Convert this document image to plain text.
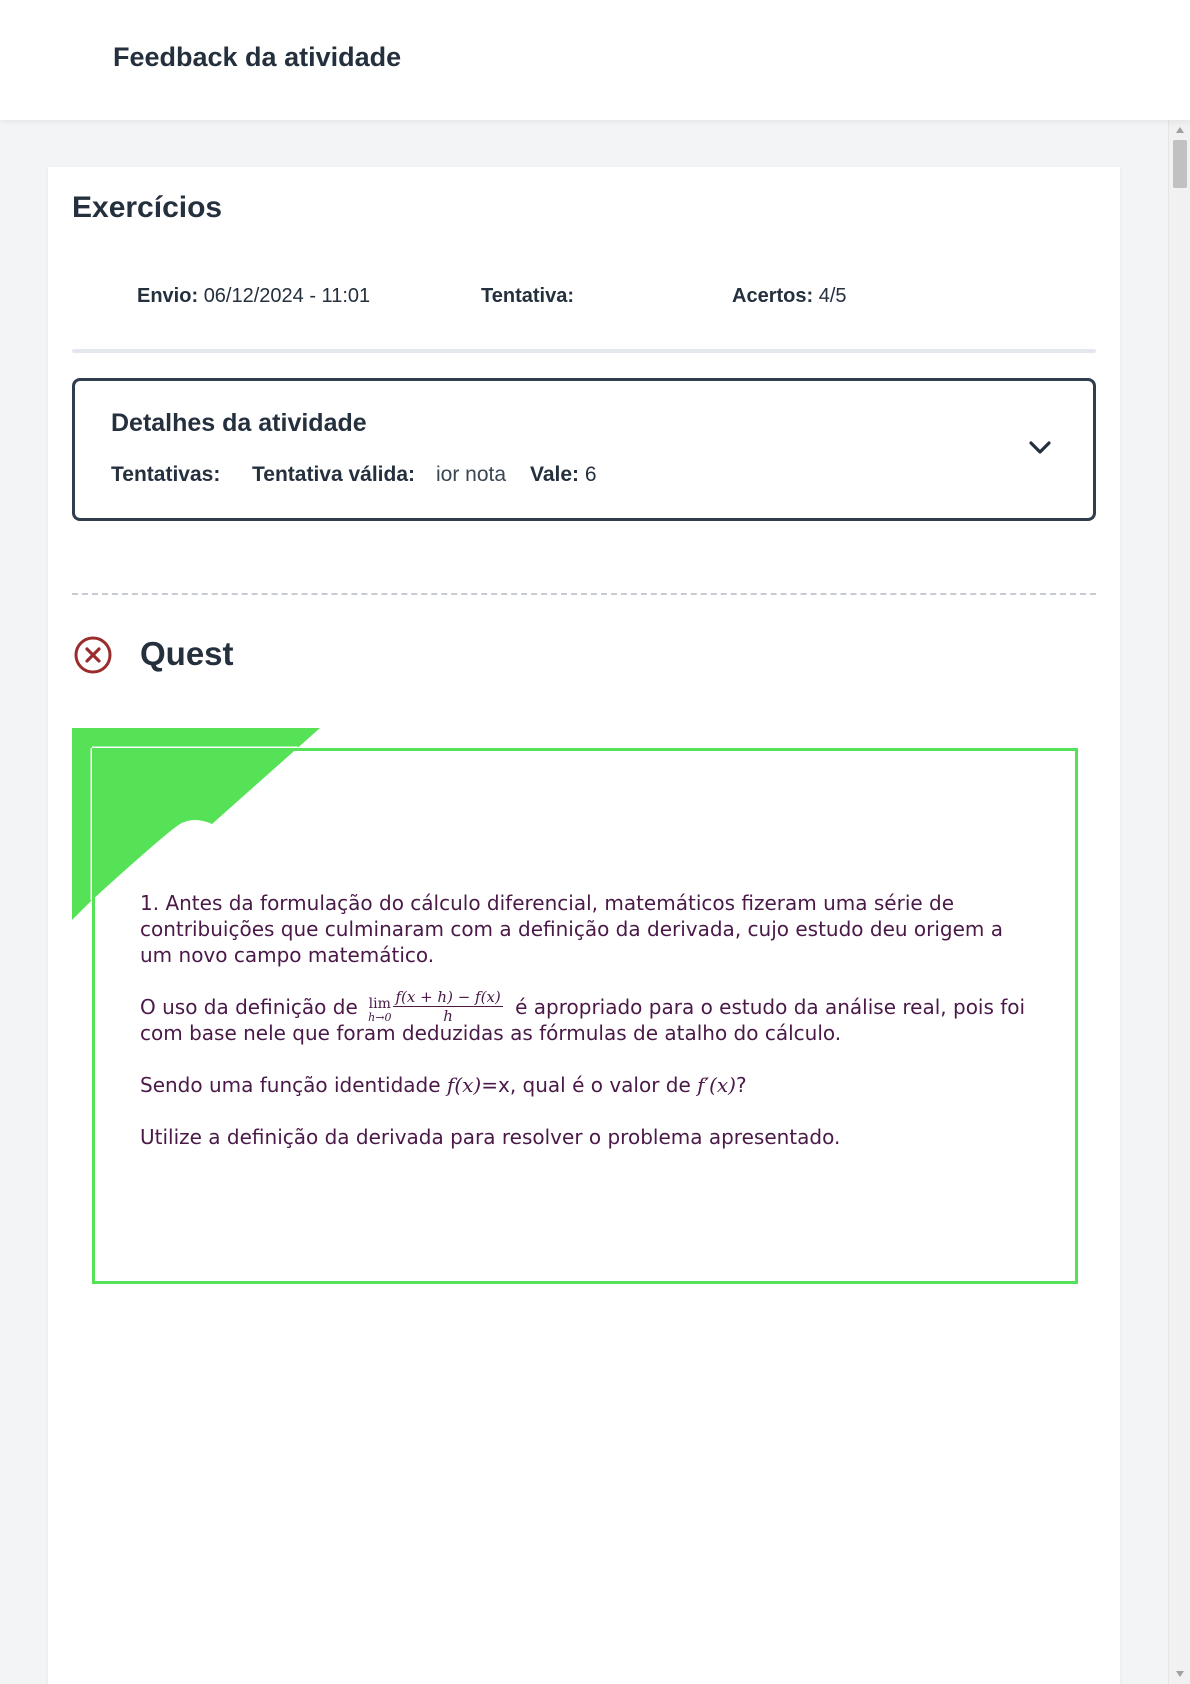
Feedback da atividade
Exercícios
Envio: 06/12/2024 - 11:01	Tentativa:	Acertos: 4/5
Detalhes da atividade
Tentativas: Tentativa válida: ior nota Vale: 6
Quest

1. Antes da formulação do cálculo diferencial, matemáticos fizeram uma série de contribuições que culminaram com a definição da derivada, cujo estudo deu origem a um novo campo matemático.

O uso da definição de lim
$h\to 0 \frac{f(x + h) - f(x)}{h}$ é apropriado para o estudo da análise real, pois foi com base nele que foram deduzidas as fórmulas de atalho do cálculo.

Sendo uma função identidade f(x)=x, qual é o valor de f′(x)?

Utilize a definição da derivada para resolver o problema apresentado.
